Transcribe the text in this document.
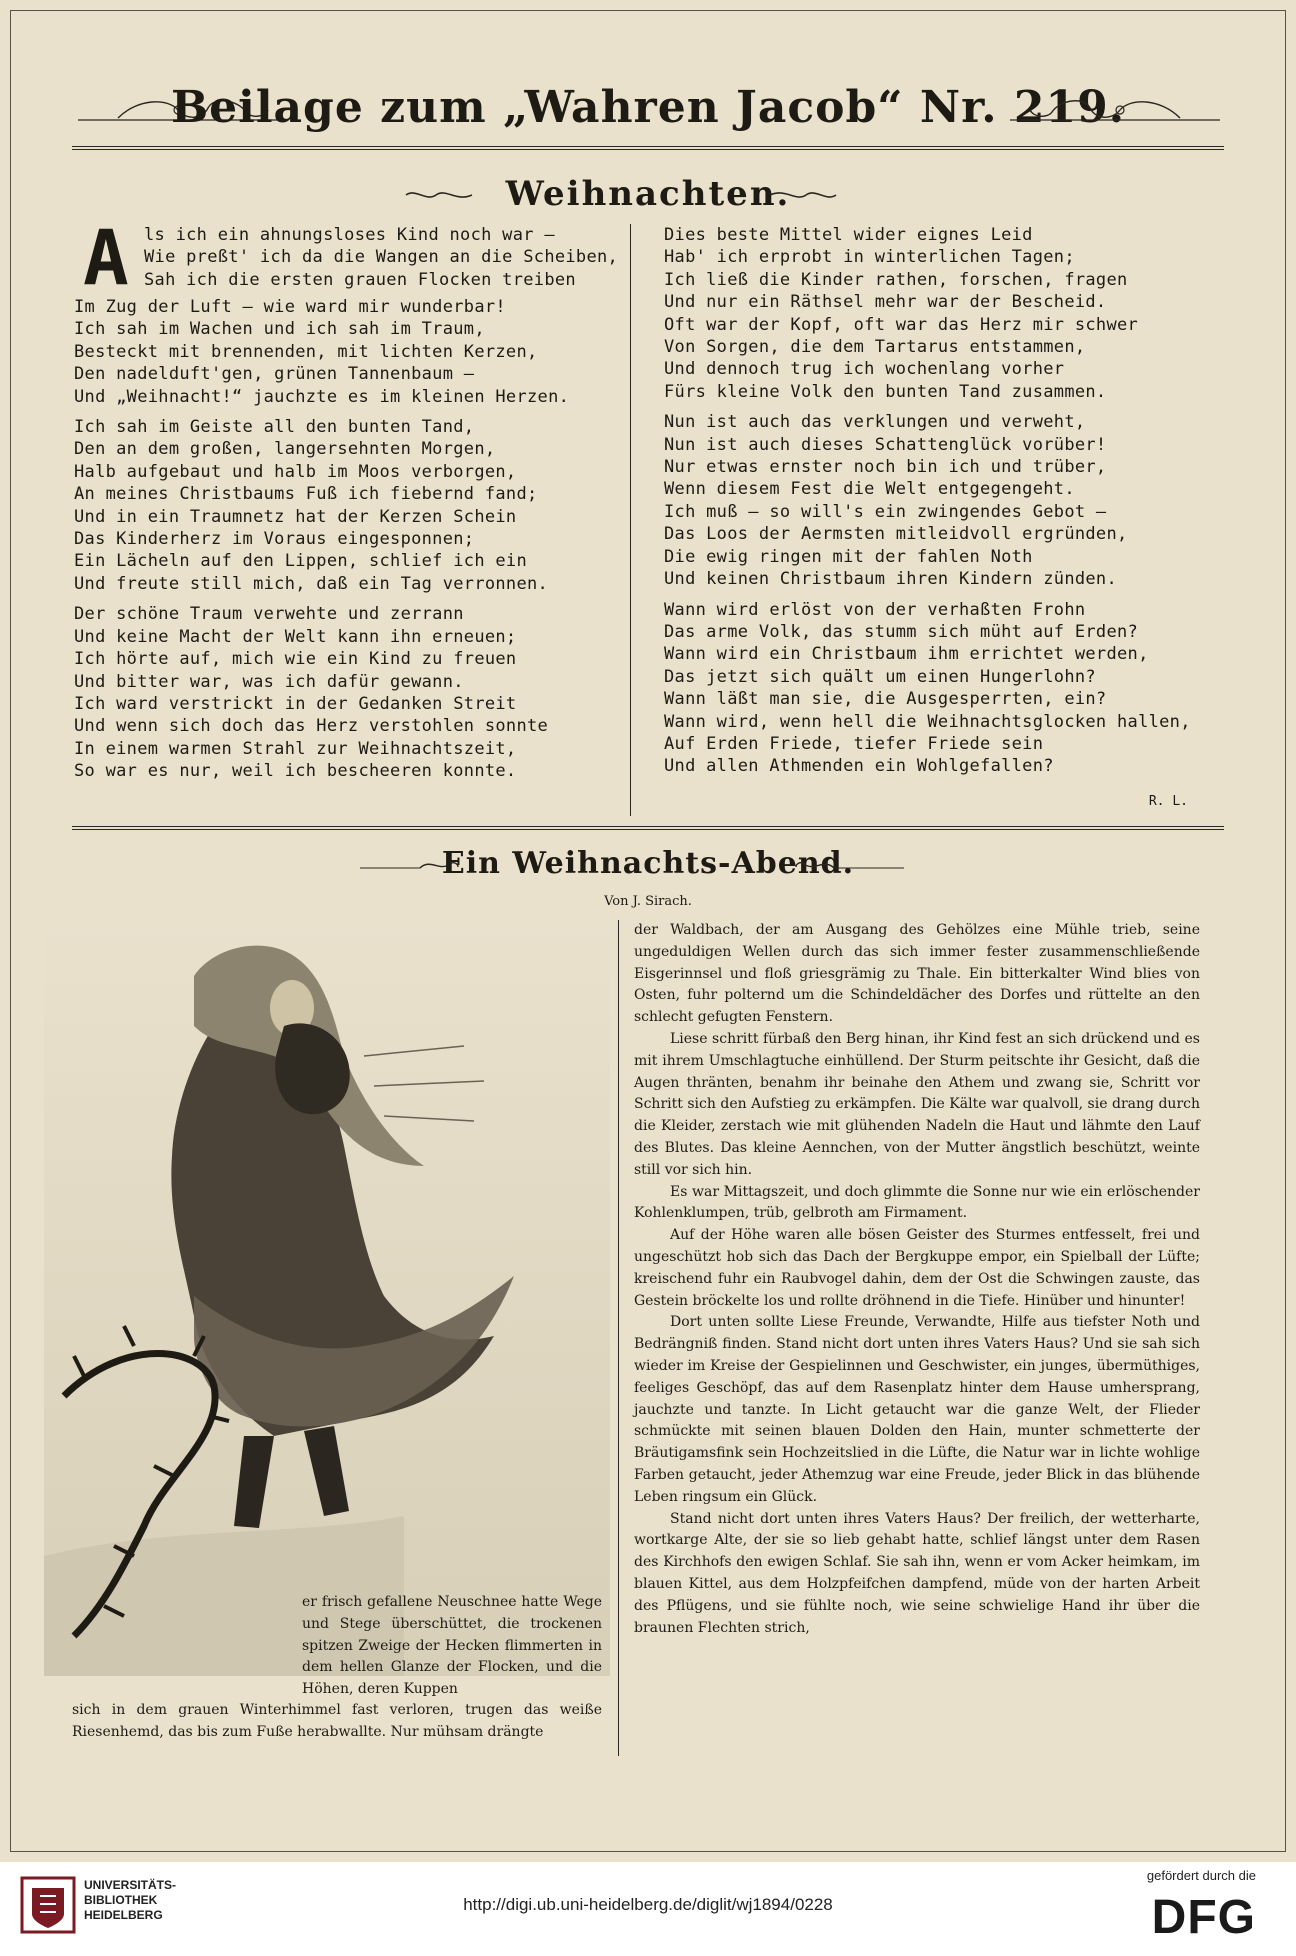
Beilage zum „Wahren Jacob“ Nr. 219.
Weihnachten.
A ls ich ein ahnungsloses Kind noch war —
Wie preßt' ich da die Wangen an die Scheiben,
Sah ich die ersten grauen Flocken treiben
Im Zug der Luft — wie ward mir wunderbar!
Ich sah im Wachen und ich sah im Traum,
Besteckt mit brennenden, mit lichten Kerzen,
Den nadelduft'gen, grünen Tannenbaum —
Und „Weihnacht!“ jauchzte es im kleinen Herzen.
Ich sah im Geiste all den bunten Tand,
Den an dem großen, langersehnten Morgen,
Halb aufgebaut und halb im Moos verborgen,
An meines Christbaums Fuß ich fiebernd fand;
Und in ein Traumnetz hat der Kerzen Schein
Das Kinderherz im Voraus eingesponnen;
Ein Lächeln auf den Lippen, schlief ich ein
Und freute still mich, daß ein Tag verronnen.
Der schöne Traum verwehte und zerrann
Und keine Macht der Welt kann ihn erneuen;
Ich hörte auf, mich wie ein Kind zu freuen
Und bitter war, was ich dafür gewann.
Ich ward verstrickt in der Gedanken Streit
Und wenn sich doch das Herz verstohlen sonnte
In einem warmen Strahl zur Weihnachtszeit,
So war es nur, weil ich bescheeren konnte.
Dies beste Mittel wider eignes Leid
Hab' ich erprobt in winterlichen Tagen;
Ich ließ die Kinder rathen, forschen, fragen
Und nur ein Räthsel mehr war der Bescheid.
Oft war der Kopf, oft war das Herz mir schwer
Von Sorgen, die dem Tartarus entstammen,
Und dennoch trug ich wochenlang vorher
Fürs kleine Volk den bunten Tand zusammen.
Nun ist auch das verklungen und verweht,
Nun ist auch dieses Schattenglück vorüber!
Nur etwas ernster noch bin ich und trüber,
Wenn diesem Fest die Welt entgegengeht.
Ich muß — so will's ein zwingendes Gebot —
Das Loos der Aermsten mitleidvoll ergründen,
Die ewig ringen mit der fahlen Noth
Und keinen Christbaum ihren Kindern zünden.
Wann wird erlöst von der verhaßten Frohn
Das arme Volk, das stumm sich müht auf Erden?
Wann wird ein Christbaum ihm errichtet werden,
Das jetzt sich quält um einen Hungerlohn?
Wann läßt man sie, die Ausgesperrten, ein?
Wann wird, wenn hell die Weihnachtsglocken hallen,
Auf Erden Friede, tiefer Friede sein
Und allen Athmenden ein Wohlgefallen?
R. L.
Ein Weihnachts-Abend.
Von J. Sirach.
er frisch gefallene Neuschnee hatte Wege und Stege überschüttet, die trockenen spitzen Zweige der Hecken flimmerten in dem hellen Glanze der Flocken, und die Höhen, deren Kuppen
sich in dem grauen Winterhimmel fast verloren, trugen das weiße Riesenhemd, das bis zum Fuße herabwallte. Nur mühsam drängte

der Waldbach, der am Ausgang des Gehölzes eine Mühle trieb, seine ungeduldigen Wellen durch das sich immer fester zusammenschließende Eisgerinnsel und floß griesgrämig zu Thale. Ein bitterkalter Wind blies von Osten, fuhr polternd um die Schindeldächer des Dorfes und rüttelte an den schlecht gefugten Fenstern.

Liese schritt fürbaß den Berg hinan, ihr Kind fest an sich drückend und es mit ihrem Umschlagtuche einhüllend. Der Sturm peitschte ihr Gesicht, daß die Augen thränten, benahm ihr beinahe den Athem und zwang sie, Schritt vor Schritt sich den Aufstieg zu erkämpfen. Die Kälte war qualvoll, sie drang durch die Kleider, zerstach wie mit glühenden Nadeln die Haut und lähmte den Lauf des Blutes. Das kleine Aennchen, von der Mutter ängstlich beschützt, weinte still vor sich hin.

Es war Mittagszeit, und doch glimmte die Sonne nur wie ein erlöschender Kohlenklumpen, trüb, gelbroth am Firmament.

Auf der Höhe waren alle bösen Geister des Sturmes entfesselt, frei und ungeschützt hob sich das Dach der Bergkuppe empor, ein Spielball der Lüfte; kreischend fuhr ein Raubvogel dahin, dem der Ost die Schwingen zauste, das Gestein bröckelte los und rollte dröhnend in die Tiefe. Hinüber und hinunter!

Dort unten sollte Liese Freunde, Verwandte, Hilfe aus tiefster Noth und Bedrängniß finden. Stand nicht dort unten ihres Vaters Haus? Und sie sah sich wieder im Kreise der Gespielinnen und Geschwister, ein junges, übermüthiges, feeliges Geschöpf, das auf dem Rasenplatz hinter dem Hause umhersprang, jauchzte und tanzte. In Licht getaucht war die ganze Welt, der Flieder schmückte mit seinen blauen Dolden den Hain, munter schmetterte der Bräutigamsfink sein Hochzeitslied in die Lüfte, die Natur war in lichte wohlige Farben getaucht, jeder Athemzug war eine Freude, jeder Blick in das blühende Leben ringsum ein Glück.

Stand nicht dort unten ihres Vaters Haus? Der freilich, der wetterharte, wortkarge Alte, der sie so lieb gehabt hatte, schlief längst unter dem Rasen des Kirchhofs den ewigen Schlaf. Sie sah ihn, wenn er vom Acker heimkam, im blauen Kittel, aus dem Holzpfeifchen dampfend, müde von der harten Arbeit des Pflügens, und sie fühlte noch, wie seine schwielige Hand ihr über die braunen Flechten strich,

UNIVERSITÄTS-
BIBLIOTHEK
HEIDELBERG
http://digi.ub.uni-heidelberg.de/diglit/wj1894/0228
gefördert durch die
DFG
